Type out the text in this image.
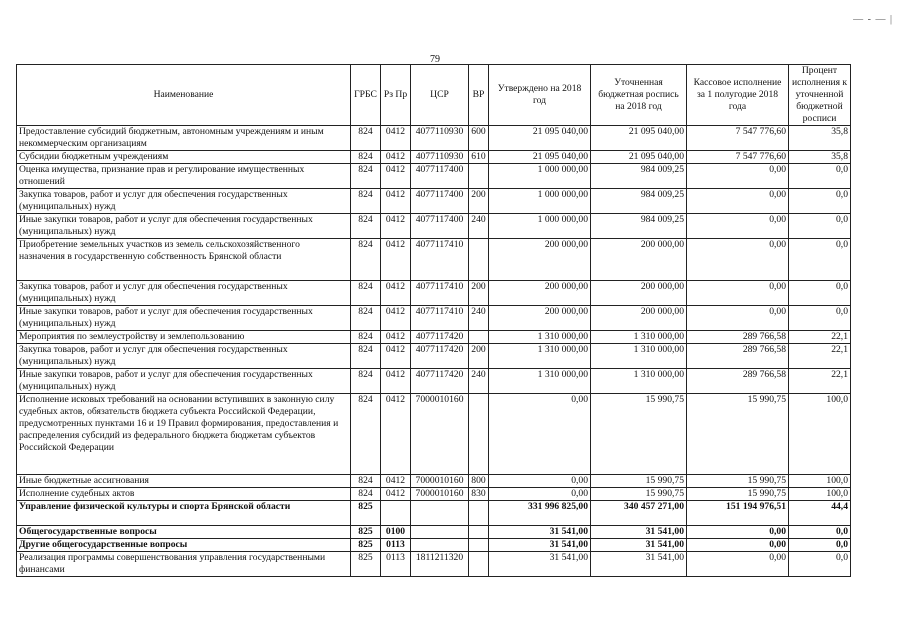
79
— - — |
Наименование	ГРБС	Рз Пр	ЦСР	ВР	Утверждено на 2018 год	Уточненная бюджетная роспись на 2018 год	Кассовое исполнение за 1 полугодие 2018 года	Процент исполнения к уточненной бюджетной росписи
Предоставление субсидий бюджетным, автономным учреждениям и иным некоммерческим организациям	824	0412	4077110930	600	21 095 040,00	21 095 040,00	7 547 776,60	35,8
Субсидии бюджетным учреждениям	824	0412	4077110930	610	21 095 040,00	21 095 040,00	7 547 776,60	35,8
Оценка имущества, признание прав и регулирование имущественных отношений	824	0412	4077117400		1 000 000,00	984 009,25	0,00	0,0
Закупка товаров, работ и услуг для обеспечения государственных (муниципальных) нужд	824	0412	4077117400	200	1 000 000,00	984 009,25	0,00	0,0
Иные закупки товаров, работ и услуг для обеспечения государственных (муниципальных) нужд	824	0412	4077117400	240	1 000 000,00	984 009,25	0,00	0,0
Приобретение земельных участков из земель сельскохозяйственного назначения в государственную собственность Брянской области	824	0412	4077117410		200 000,00	200 000,00	0,00	0,0
Закупка товаров, работ и услуг для обеспечения государственных (муниципальных) нужд	824	0412	4077117410	200	200 000,00	200 000,00	0,00	0,0
Иные закупки товаров, работ и услуг для обеспечения государственных (муниципальных) нужд	824	0412	4077117410	240	200 000,00	200 000,00	0,00	0,0
Мероприятия по землеустройству и землепользованию	824	0412	4077117420		1 310 000,00	1 310 000,00	289 766,58	22,1
Закупка товаров, работ и услуг для обеспечения государственных (муниципальных) нужд	824	0412	4077117420	200	1 310 000,00	1 310 000,00	289 766,58	22,1
Иные закупки товаров, работ и услуг для обеспечения государственных (муниципальных) нужд	824	0412	4077117420	240	1 310 000,00	1 310 000,00	289 766,58	22,1
Исполнение исковых требований на основании вступивших в законную силу судебных актов, обязательств бюджета субъекта Российской Федерации, предусмотренных пунктами 16 и 19 Правил формирования, предоставления и распределения субсидий из федерального бюджета бюджетам субъектов Российской Федерации	824	0412	7000010160		0,00	15 990,75	15 990,75	100,0
Иные бюджетные ассигнования	824	0412	7000010160	800	0,00	15 990,75	15 990,75	100,0
Исполнение судебных актов	824	0412	7000010160	830	0,00	15 990,75	15 990,75	100,0
Управление физической культуры и спорта Брянской области	825				331 996 825,00	340 457 271,00	151 194 976,51	44,4
Общегосударственные вопросы	825	0100			31 541,00	31 541,00	0,00	0,0
Другие общегосударственные вопросы	825	0113			31 541,00	31 541,00	0,00	0,0
Реализация программы совершенствования управления государственными финансами	825	0113	1811211320		31 541,00	31 541,00	0,00	0,0
